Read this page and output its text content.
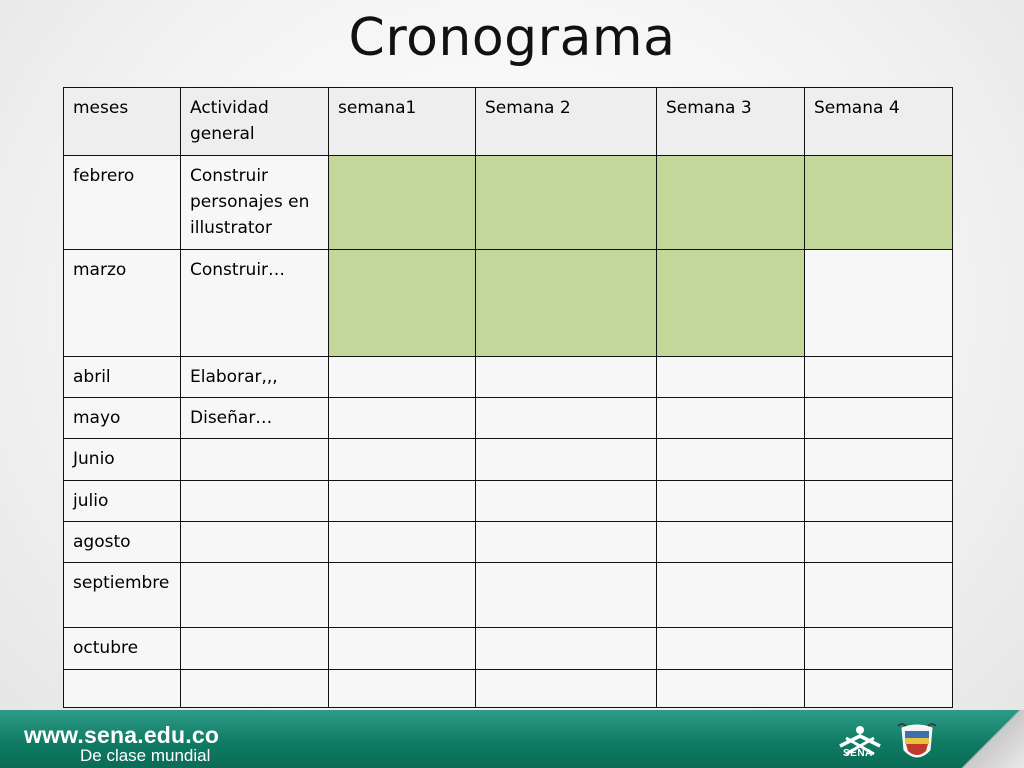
Cronograma
meses	Actividad general	semana1	Semana 2	Semana 3	Semana 4
febrero	Construir personajes en illustrator				
marzo	Construir…				
abril	Elaborar,,,				
mayo	Diseñar…				
Junio					
julio					
agosto					
septiembre					
octubre					

www.sena.edu.co
De clase mundial	SENA
